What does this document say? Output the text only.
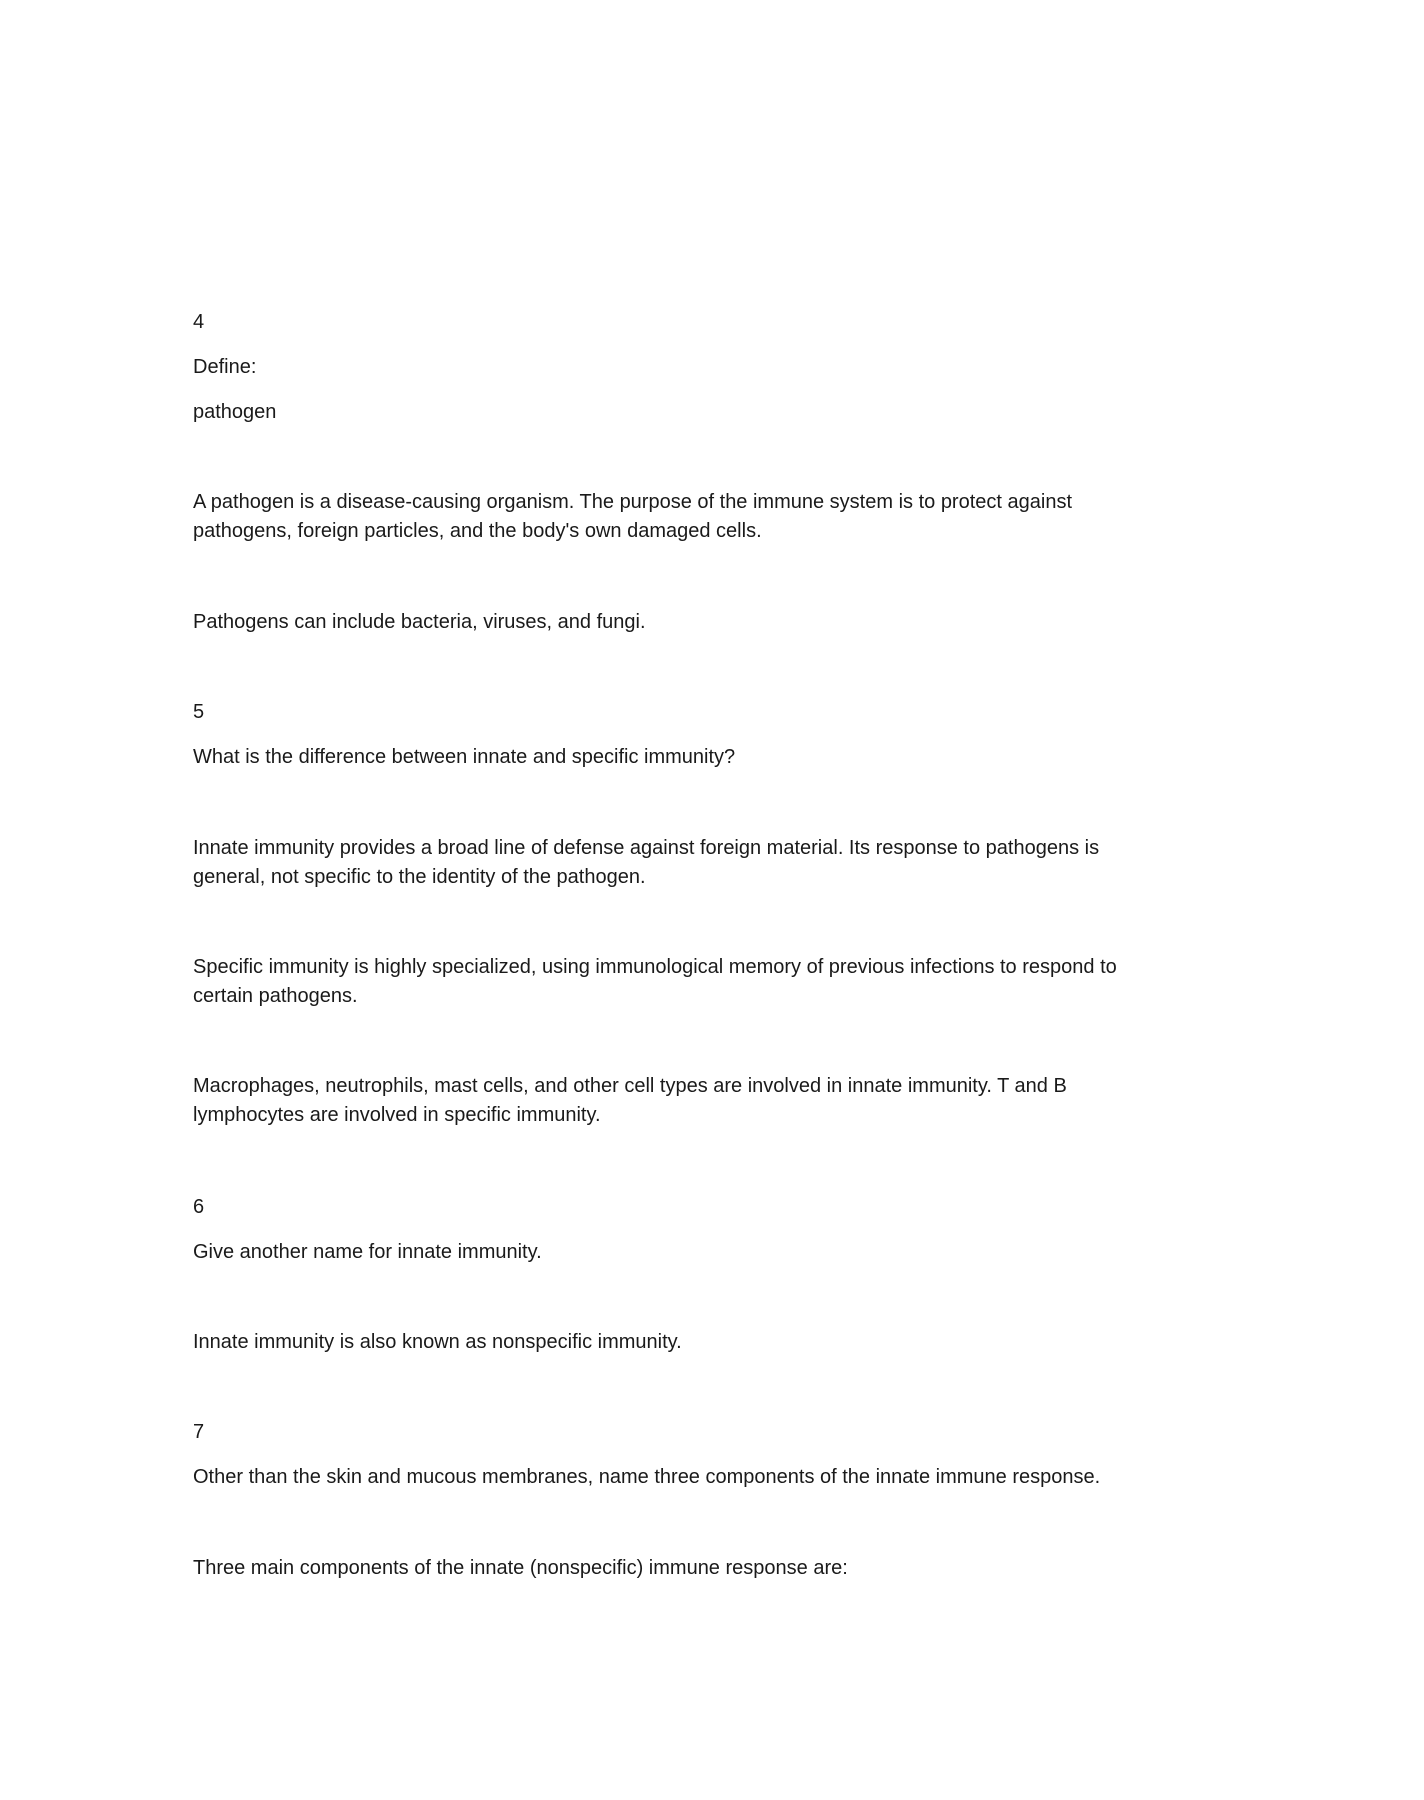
4

Define:

pathogen

A pathogen is a disease-causing organism. The purpose of the immune system is to protect against pathogens, foreign particles, and the body's own damaged cells.

Pathogens can include bacteria, viruses, and fungi.

5

What is the difference between innate and specific immunity?

Innate immunity provides a broad line of defense against foreign material. Its response to pathogens is general, not specific to the identity of the pathogen.

Specific immunity is highly specialized, using immunological memory of previous infections to respond to certain pathogens.

Macrophages, neutrophils, mast cells, and other cell types are involved in innate immunity. T and B lymphocytes are involved in specific immunity.

6

Give another name for innate immunity.

Innate immunity is also known as nonspecific immunity.

7

Other than the skin and mucous membranes, name three components of the innate immune response.

Three main components of the innate (nonspecific) immune response are:
